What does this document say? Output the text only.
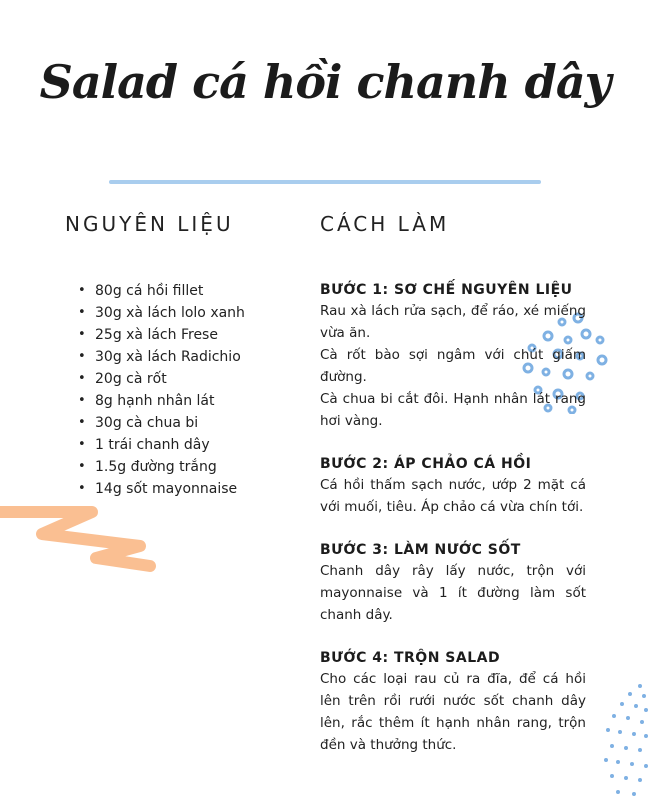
Salad cá hồi chanh dây
NGUYÊN LIỆU	CÁCH LÀM
• 80g cá hồi fillet
• 30g xà lách lolo xanh
• 25g xà lách Frese
• 30g xà lách Radichio
• 20g cà rốt
• 8g hạnh nhân lát
• 30g cà chua bi
• 1 trái chanh dây
• 1.5g đường trắng
• 14g sốt mayonnaise
BƯỚC 1: SƠ CHẾ NGUYÊN LIỆU
Rau xà lách rửa sạch, để ráo, xé miếng vừa ăn.
Cà rốt bào sợi ngâm với chút giấm đường.
Cà chua bi cắt đôi. Hạnh nhân lát rang hơi vàng.
BƯỚC 2: ÁP CHẢO CÁ HỒI
Cá hồi thấm sạch nước, ướp 2 mặt cá với muối, tiêu. Áp chảo cá vừa chín tới.
BƯỚC 3: LÀM NƯỚC SỐT
Chanh dây rây lấy nước, trộn với mayonnaise và 1 ít đường làm sốt chanh dây.
BƯỚC 4: TRỘN SALAD
Cho các loại rau củ ra đĩa, để cá hồi lên trên rồi rưới nước sốt chanh dây lên, rắc thêm ít hạnh nhân rang, trộn đền và thưởng thức.
